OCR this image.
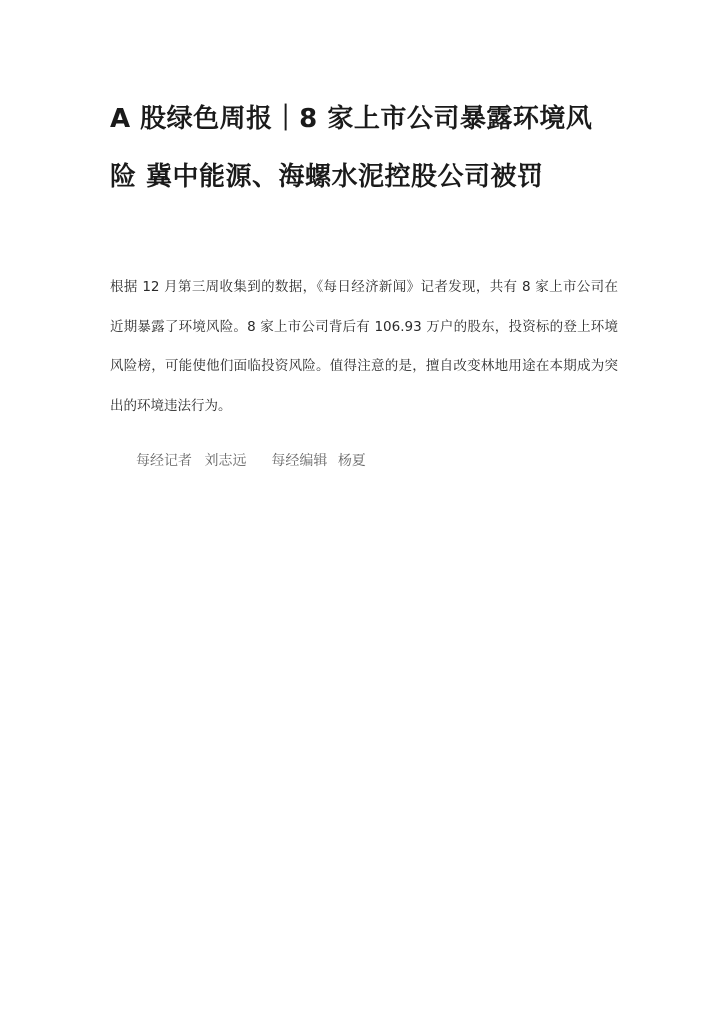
A 股绿色周报｜8 家上市公司暴露环境风险 冀中能源、海螺水泥控股公司被罚

根据 12 月第三周收集到的数据，《每日经济新闻》记者发现，共有 8 家上市公司在近期暴露了环境风险。8 家上市公司背后有 106.93 万户的股东，投资标的登上环境风险榜，可能使他们面临投资风险。值得注意的是，擅自改变林地用途在本期成为突出的环境违法行为。

每经记者 刘志远 每经编辑 杨夏
